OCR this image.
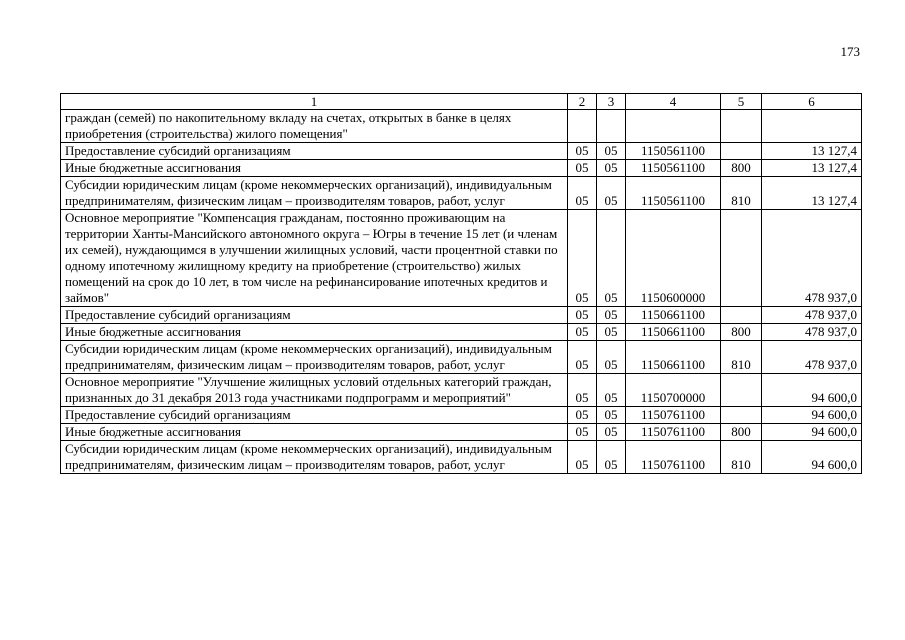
173
1	2	3	4	5	6
граждан (семей) по накопительному вкладу на счетах, открытых в банке в целях приобретения (строительства) жилого помещения"					
Предоставление субсидий организациям	05	05	1150561100		13 127,4
Иные бюджетные ассигнования	05	05	1150561100	800	13 127,4
Субсидии юридическим лицам (кроме некоммерческих организаций), индивидуальным предпринимателям, физическим лицам – производителям товаров, работ, услуг	05	05	1150561100	810	13 127,4
Основное мероприятие "Компенсация гражданам, постоянно проживающим на территории Ханты-Мансийского автономного округа – Югры в течение 15 лет (и членам их семей), нуждающимся в улучшении жилищных условий, части процентной ставки по одному ипотечному жилищному кредиту на приобретение (строительство) жилых помещений на срок до 10 лет, в том числе на рефинансирование ипотечных кредитов и займов"	05	05	1150600000		478 937,0
Предоставление субсидий организациям	05	05	1150661100		478 937,0
Иные бюджетные ассигнования	05	05	1150661100	800	478 937,0
Субсидии юридическим лицам (кроме некоммерческих организаций), индивидуальным предпринимателям, физическим лицам – производителям товаров, работ, услуг	05	05	1150661100	810	478 937,0
Основное мероприятие "Улучшение жилищных условий отдельных категорий граждан, признанных до 31 декабря 2013 года участниками подпрограмм и мероприятий"	05	05	1150700000		94 600,0
Предоставление субсидий организациям	05	05	1150761100		94 600,0
Иные бюджетные ассигнования	05	05	1150761100	800	94 600,0
Субсидии юридическим лицам (кроме некоммерческих организаций), индивидуальным предпринимателям, физическим лицам – производителям товаров, работ, услуг	05	05	1150761100	810	94 600,0
